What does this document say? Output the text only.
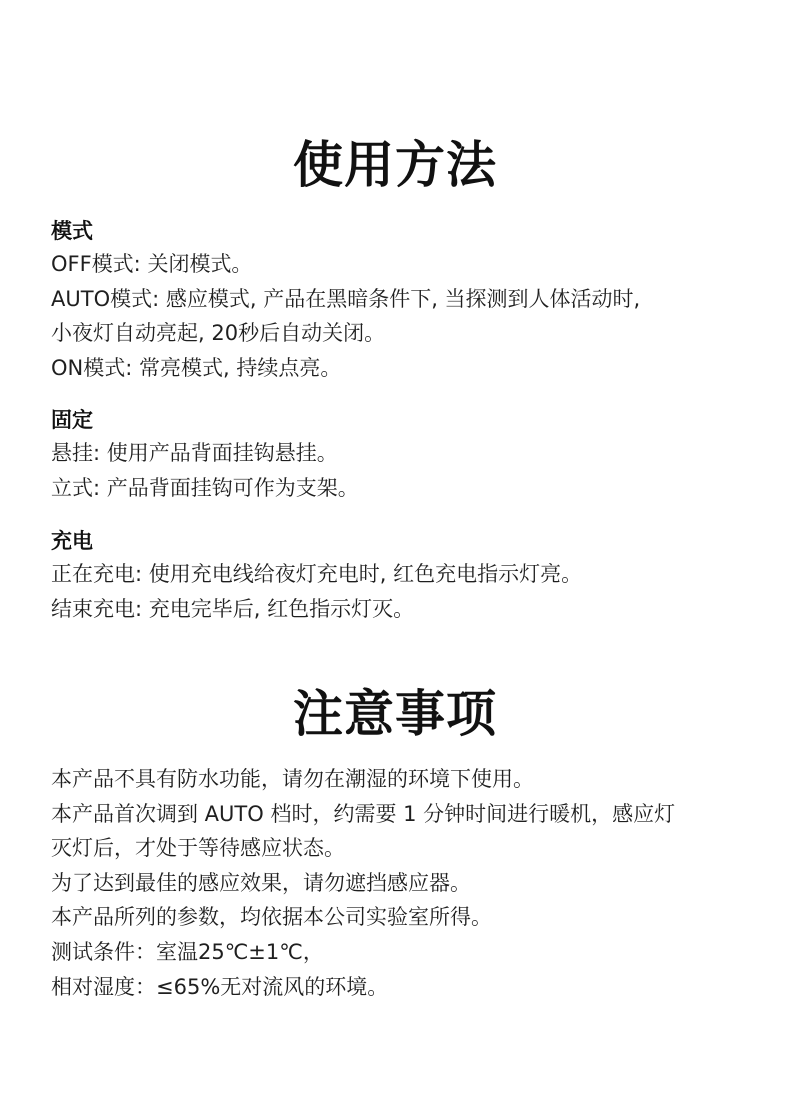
使用方法
模式
OFF模式: 关闭模式。
AUTO模式: 感应模式, 产品在黑暗条件下, 当探测到人体活动时,
小夜灯自动亮起, 20秒后自动关闭。
ON模式: 常亮模式, 持续点亮。
固定
悬挂: 使用产品背面挂钩悬挂。
立式: 产品背面挂钩可作为支架。
充电
正在充电: 使用充电线给夜灯充电时, 红色充电指示灯亮。
结束充电: 充电完毕后, 红色指示灯灭。
注意事项
本产品不具有防水功能，请勿在潮湿的环境下使用。
本产品首次调到 AUTO 档时，约需要 1 分钟时间进行暖机，感应灯
灭灯后，才处于等待感应状态。
为了达到最佳的感应效果，请勿遮挡感应器。
本产品所列的参数，均依据本公司实验室所得。
测试条件：室温25℃±1℃，
相对湿度：≤65%无对流风的环境。
